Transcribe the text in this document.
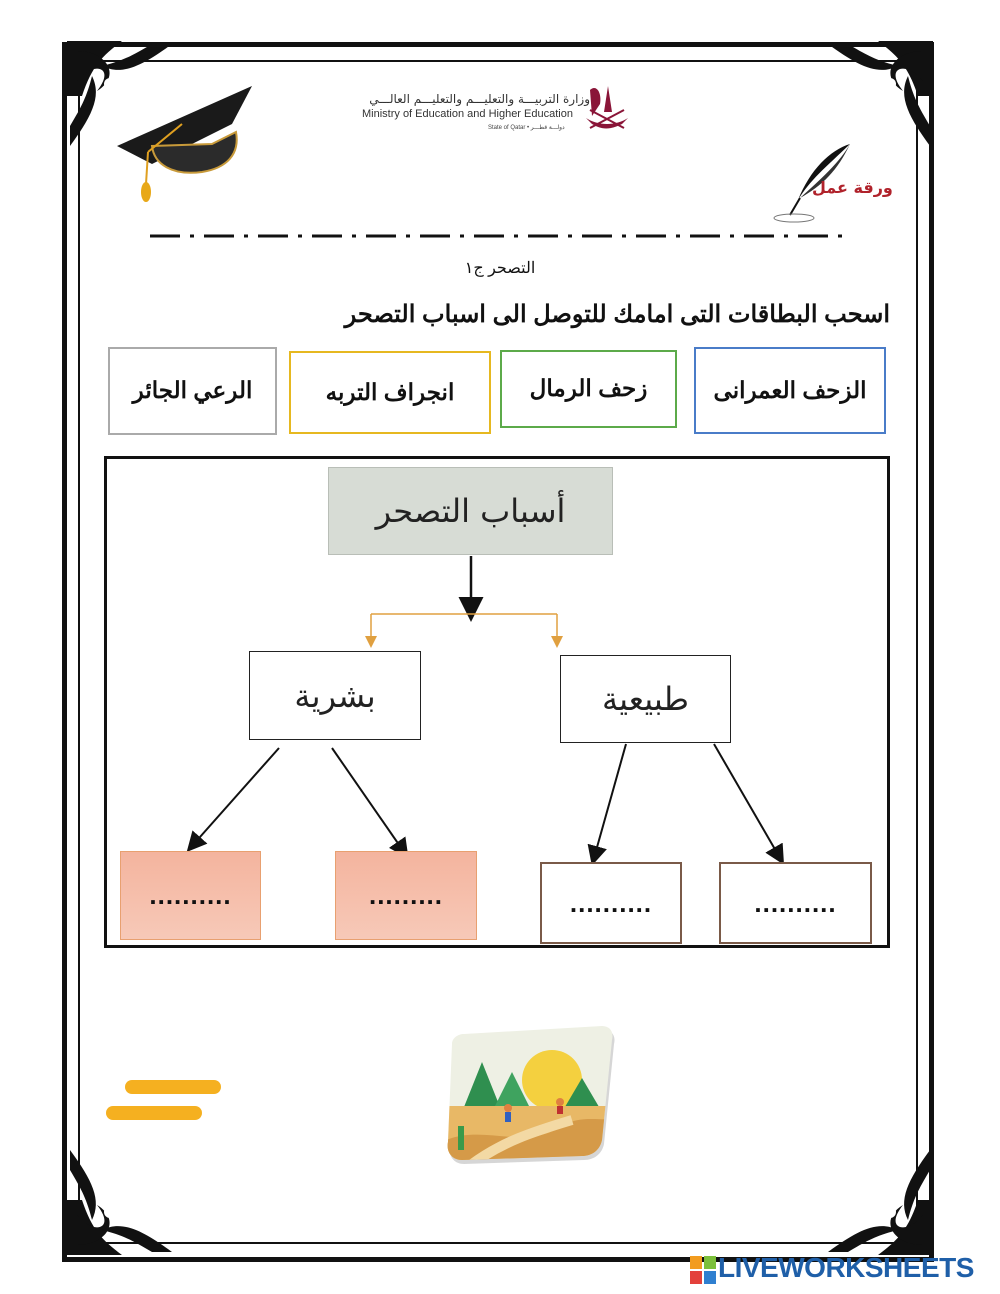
وزارة التربيـــة والتعليـــم والتعليـــم العالـــي
Ministry of Education and Higher Education
State of Qatar • دولـــة قطـــر
ورقة عمل
التصحر ج١
اسحب البطاقات التى امامك للتوصل الى اسباب التصحر
الزحف العمرانى
زحف الرمال
انجراف التربه
الرعي الجائر
أسباب التصحر
طبيعية
بشرية
..........	.........	..........	..........
LIVEWORKSHEETS
